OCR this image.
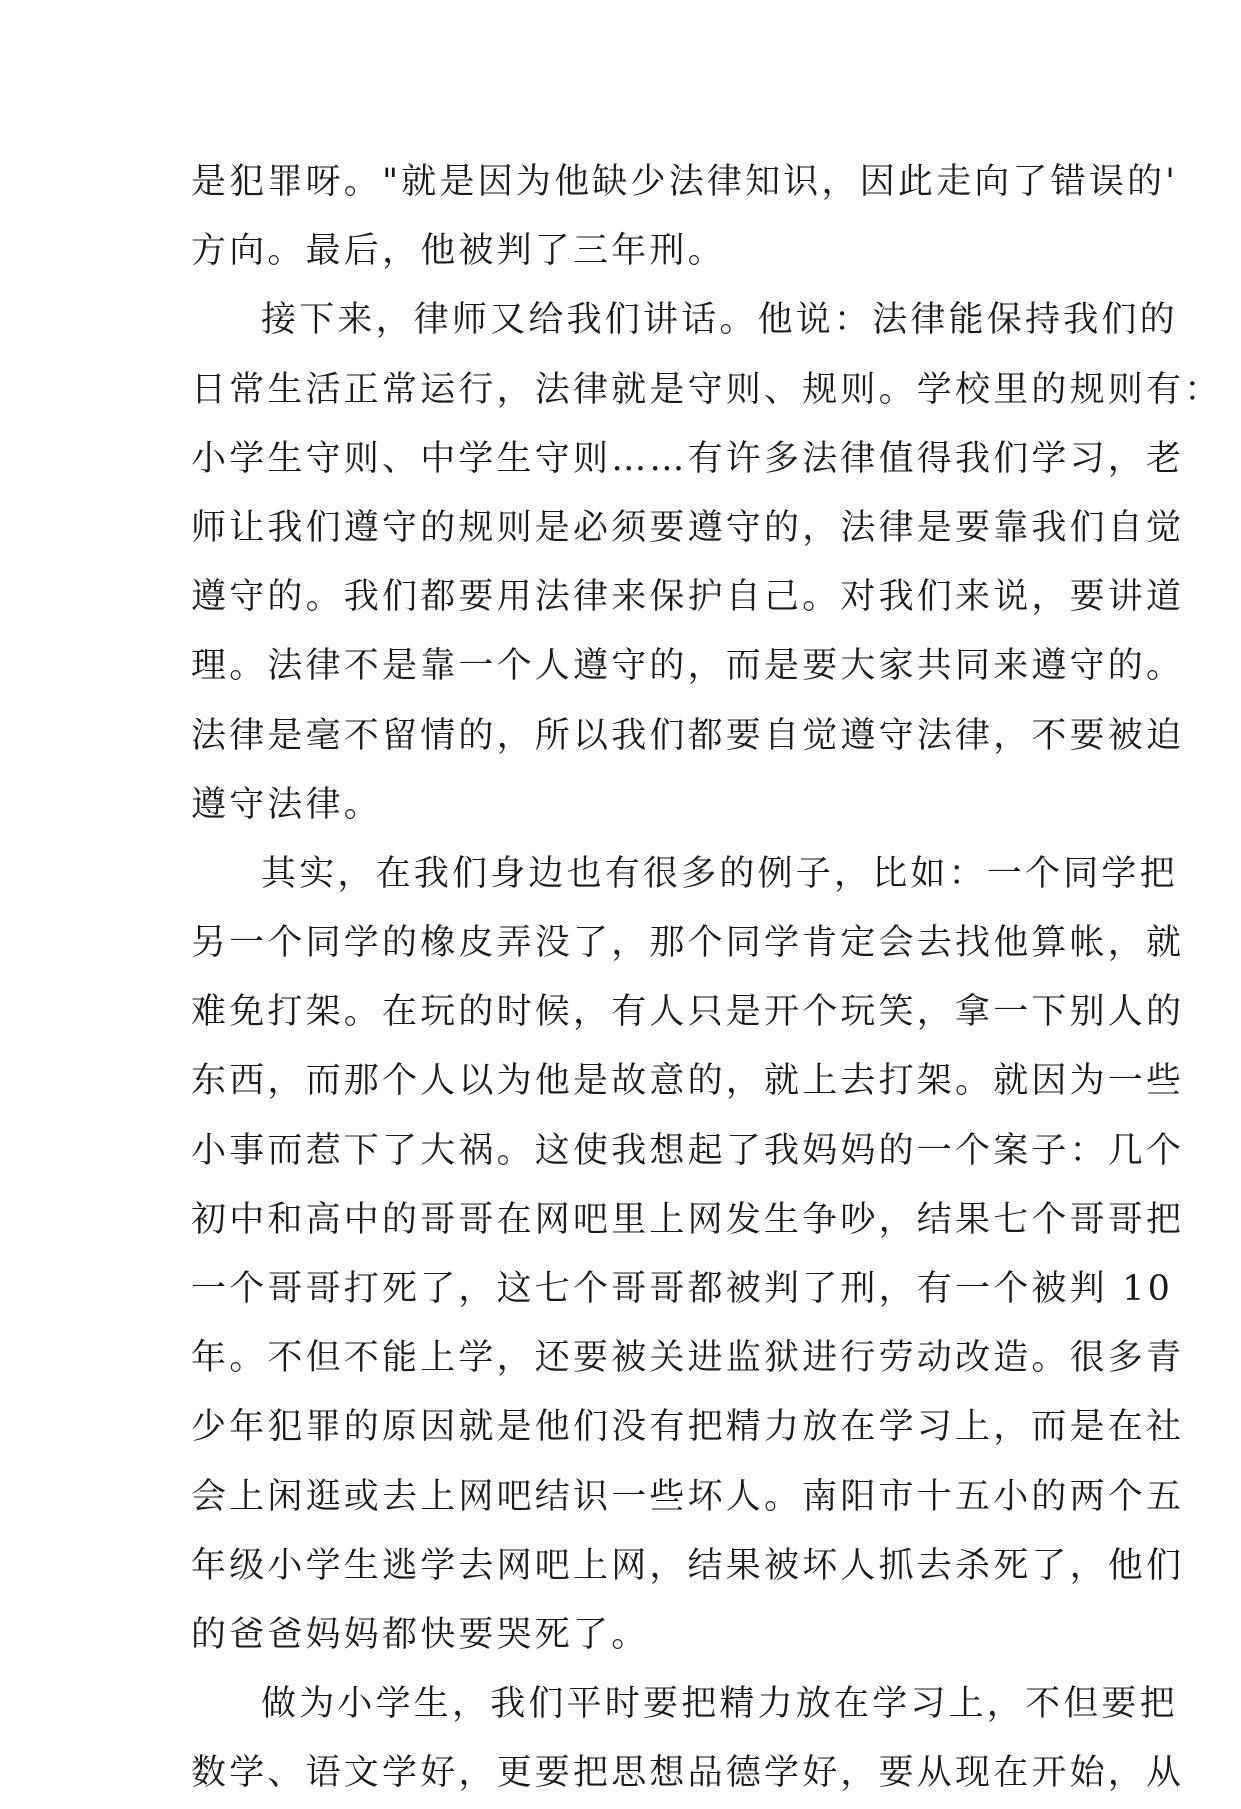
是犯罪呀。"就是因为他缺少法律知识，因此走向了错误的'
方向。最后，他被判了三年刑。
接下来，律师又给我们讲话。他说：法律能保持我们的
日常生活正常运行，法律就是守则、规则。学校里的规则有：
小学生守则、中学生守则……有许多法律值得我们学习，老
师让我们遵守的规则是必须要遵守的，法律是要靠我们自觉
遵守的。我们都要用法律来保护自己。对我们来说，要讲道
理。法律不是靠一个人遵守的，而是要大家共同来遵守的。
法律是毫不留情的，所以我们都要自觉遵守法律，不要被迫
遵守法律。
其实，在我们身边也有很多的例子，比如：一个同学把
另一个同学的橡皮弄没了，那个同学肯定会去找他算帐，就
难免打架。在玩的时候，有人只是开个玩笑，拿一下别人的
东西，而那个人以为他是故意的，就上去打架。就因为一些
小事而惹下了大祸。这使我想起了我妈妈的一个案子：几个
初中和高中的哥哥在网吧里上网发生争吵，结果七个哥哥把
一个哥哥打死了，这七个哥哥都被判了刑，有一个被判 10
年。不但不能上学，还要被关进监狱进行劳动改造。很多青
少年犯罪的原因就是他们没有把精力放在学习上，而是在社
会上闲逛或去上网吧结识一些坏人。南阳市十五小的两个五
年级小学生逃学去网吧上网，结果被坏人抓去杀死了，他们
的爸爸妈妈都快要哭死了。
做为小学生，我们平时要把精力放在学习上，不但要把
数学、语文学好，更要把思想品德学好，要从现在开始，从
